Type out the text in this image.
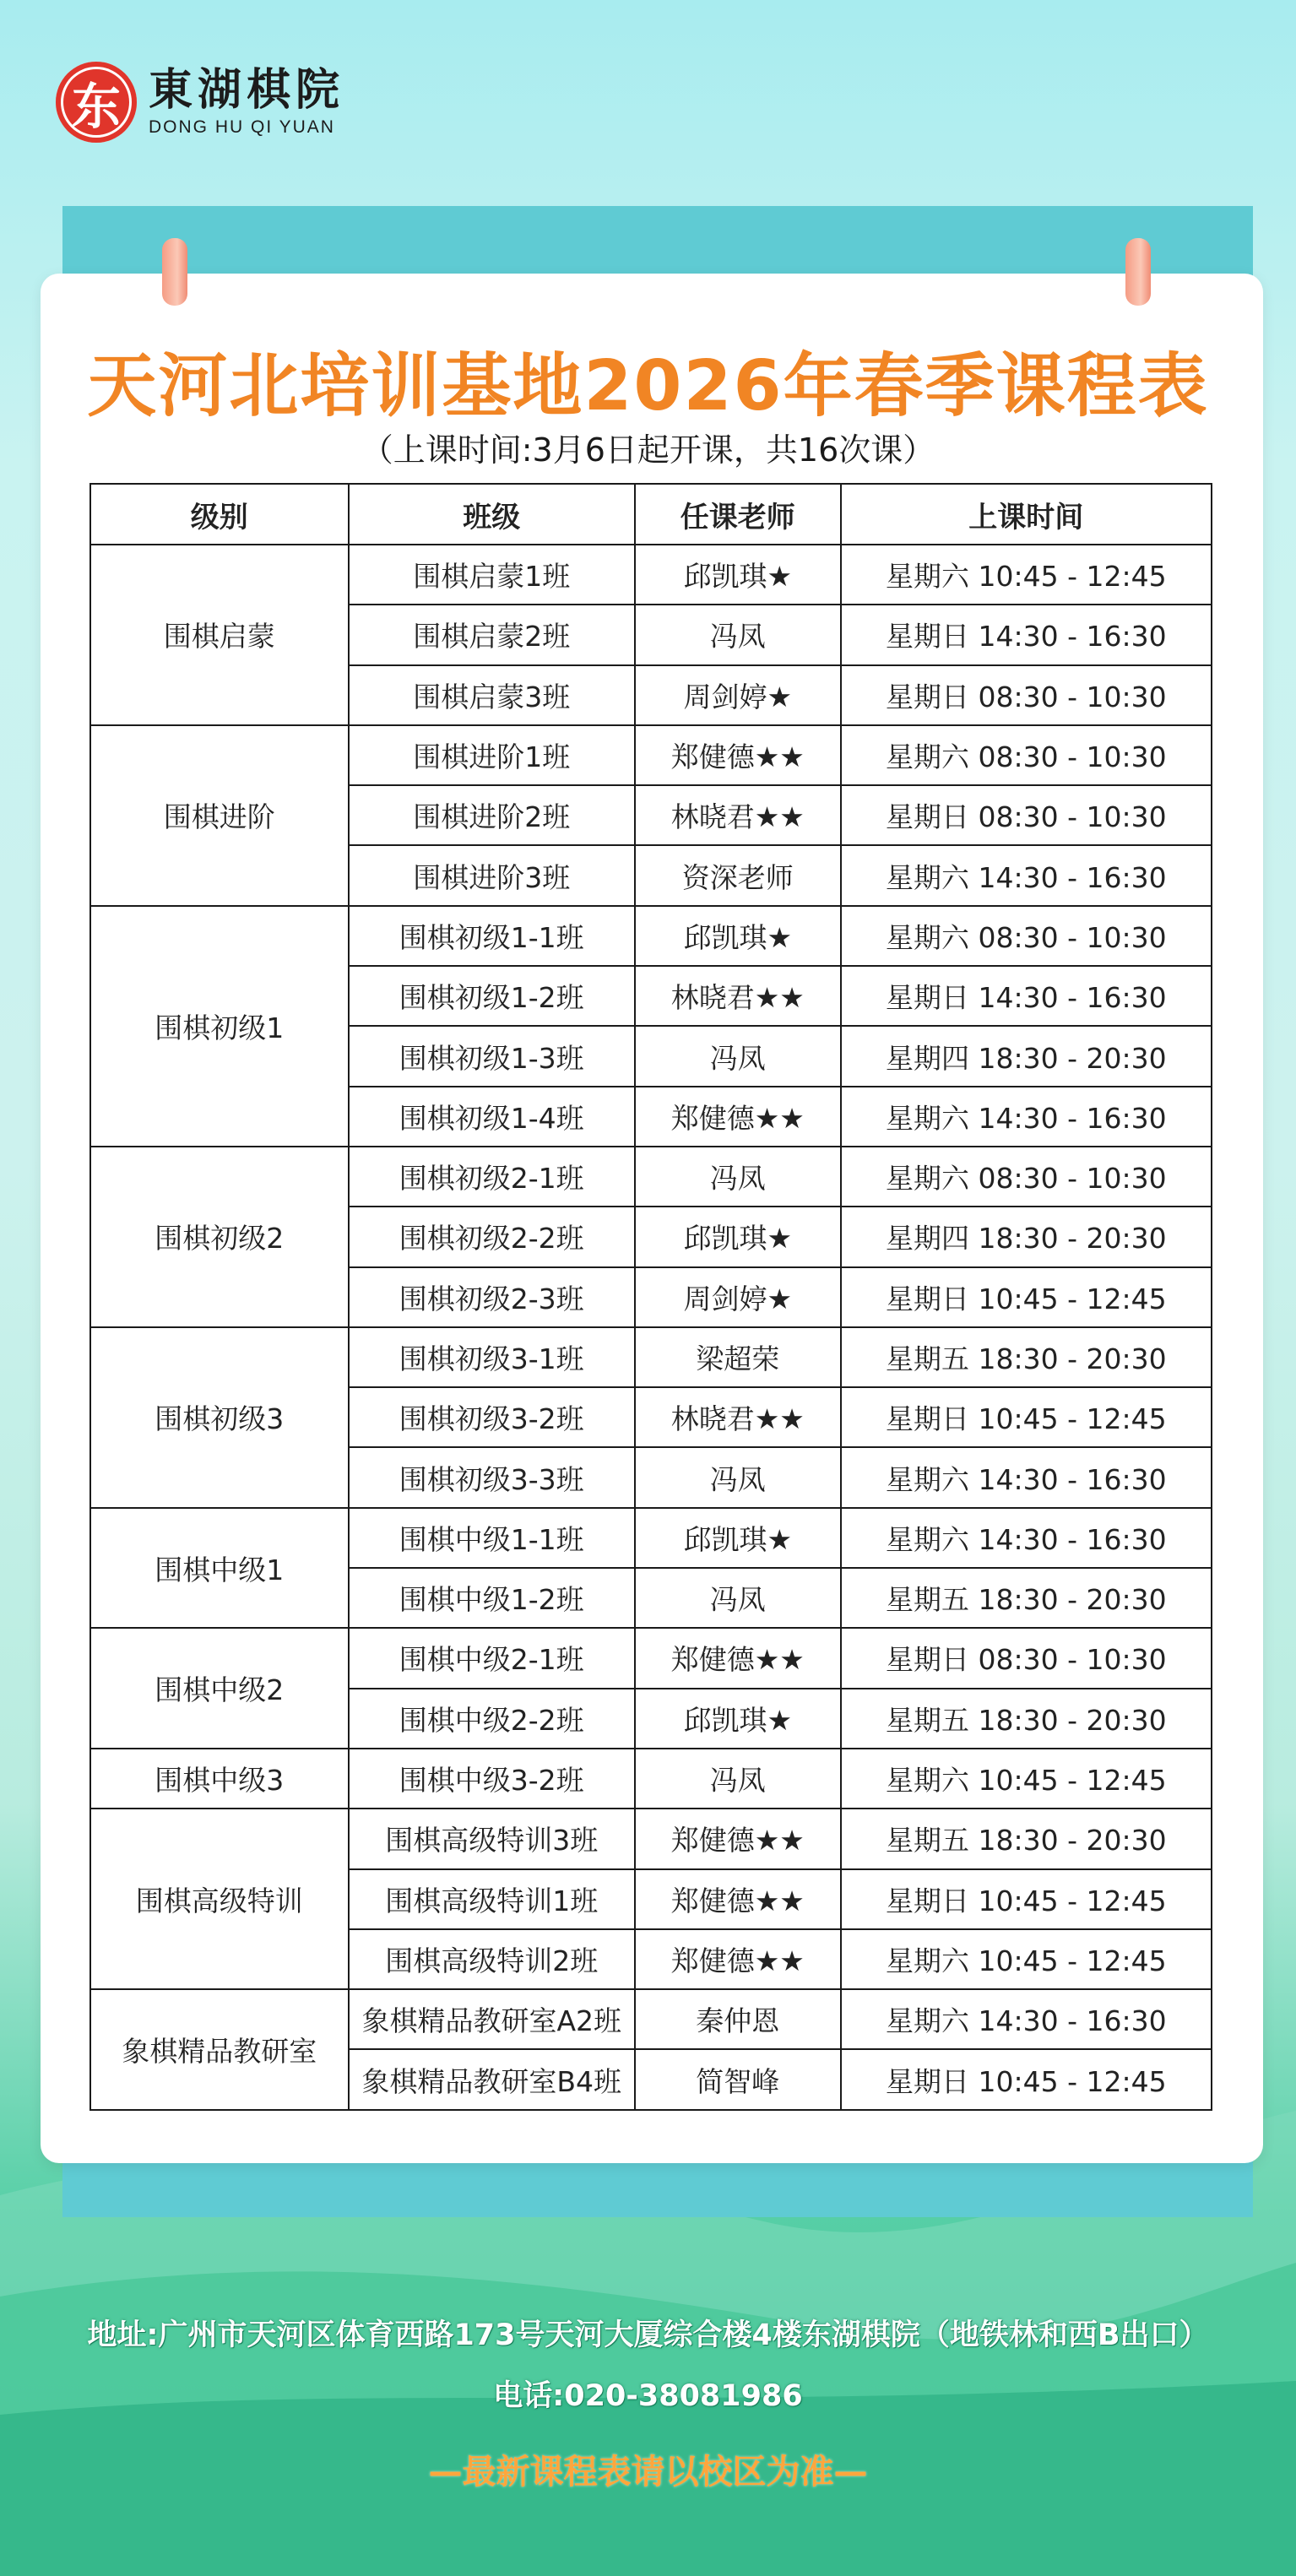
东 東湖棋院
DONG HU QI YUAN
天河北培训基地2026年春季课程表
（上课时间:3月6日起开课，共16次课）
级别	班级	任课老师	上课时间
围棋启蒙	围棋启蒙1班	邱凯琪★	星期六 10:45 - 12:45
	围棋启蒙2班	冯凤	星期日 14:30 - 16:30
	围棋启蒙3班	周剑婷★	星期日 08:30 - 10:30
围棋进阶	围棋进阶1班	郑健德★★	星期六 08:30 - 10:30
	围棋进阶2班	林晓君★★	星期日 08:30 - 10:30
	围棋进阶3班	资深老师	星期六 14:30 - 16:30
围棋初级1	围棋初级1-1班	邱凯琪★	星期六 08:30 - 10:30
	围棋初级1-2班	林晓君★★	星期日 14:30 - 16:30
	围棋初级1-3班	冯凤	星期四 18:30 - 20:30
	围棋初级1-4班	郑健德★★	星期六 14:30 - 16:30
围棋初级2	围棋初级2-1班	冯凤	星期六 08:30 - 10:30
	围棋初级2-2班	邱凯琪★	星期四 18:30 - 20:30
	围棋初级2-3班	周剑婷★	星期日 10:45 - 12:45
围棋初级3	围棋初级3-1班	梁超荣	星期五 18:30 - 20:30
	围棋初级3-2班	林晓君★★	星期日 10:45 - 12:45
	围棋初级3-3班	冯凤	星期六 14:30 - 16:30
围棋中级1	围棋中级1-1班	邱凯琪★	星期六 14:30 - 16:30
	围棋中级1-2班	冯凤	星期五 18:30 - 20:30
围棋中级2	围棋中级2-1班	郑健德★★	星期日 08:30 - 10:30
	围棋中级2-2班	邱凯琪★	星期五 18:30 - 20:30
围棋中级3	围棋中级3-2班	冯凤	星期六 10:45 - 12:45
围棋高级特训	围棋高级特训3班	郑健德★★	星期五 18:30 - 20:30
	围棋高级特训1班	郑健德★★	星期日 10:45 - 12:45
	围棋高级特训2班	郑健德★★	星期六 10:45 - 12:45
象棋精品教研室	象棋精品教研室A2班	秦仲恩	星期六 14:30 - 16:30
	象棋精品教研室B4班	简智峰	星期日 10:45 - 12:45
地址:广州市天河区体育西路173号天河大厦综合楼4楼东湖棋院（地铁林和西B出口）
电话:020-38081986
—最新课程表请以校区为准—
